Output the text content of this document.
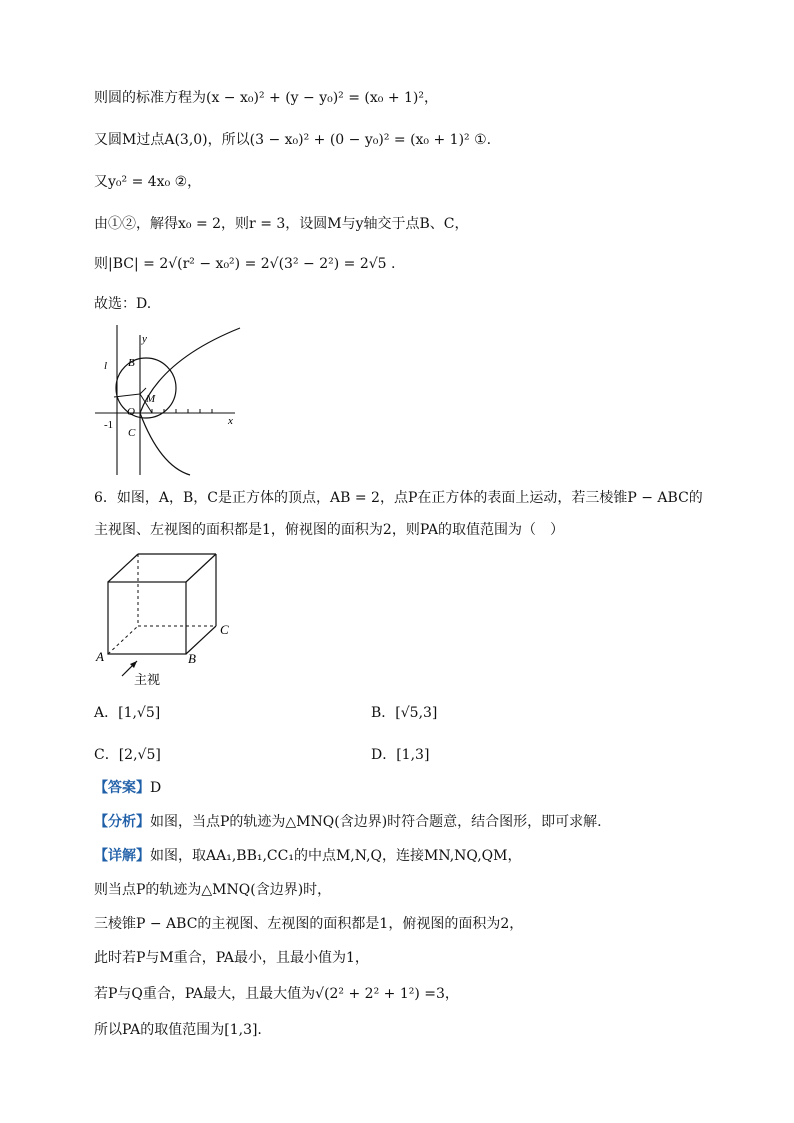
则圆的标准方程为(x − x₀)² + (y − y₀)² = (x₀ + 1)²，
又圆M过点A(3,0)，所以(3 − x₀)² + (0 − y₀)² = (x₀ + 1)² ①.
又y₀² = 4x₀ ②，
由①②，解得x₀ = 2，则r = 3，设圆M与y轴交于点B、C，
则|BC| = 2√(r² − x₀²) = 2√(3² − 2²) = 2√5 .
故选：D.
y
x
l B
M
O
-1
C
6．如图，A，B，C是正方体的顶点，AB = 2，点P在正方体的表面上运动，若三棱锥P − ABC的
主视图、左视图的面积都是1，俯视图的面积为2，则PA的取值范围为（　）
A	B
C
主视
A．[1,√5]	B．[√5,3]
C．[2,√5]	D．[1,3]
【答案】D
【分析】如图，当点P的轨迹为△MNQ(含边界)时符合题意，结合图形，即可求解.
【详解】如图，取AA₁,BB₁,CC₁的中点M,N,Q，连接MN,NQ,QM，
则当点P的轨迹为△MNQ(含边界)时，
三棱锥P − ABC的主视图、左视图的面积都是1，俯视图的面积为2，
此时若P与M重合，PA最小，且最小值为1，
若P与Q重合，PA最大，且最大值为√(2² + 2² + 1²) =3，
所以PA的取值范围为[1,3].
